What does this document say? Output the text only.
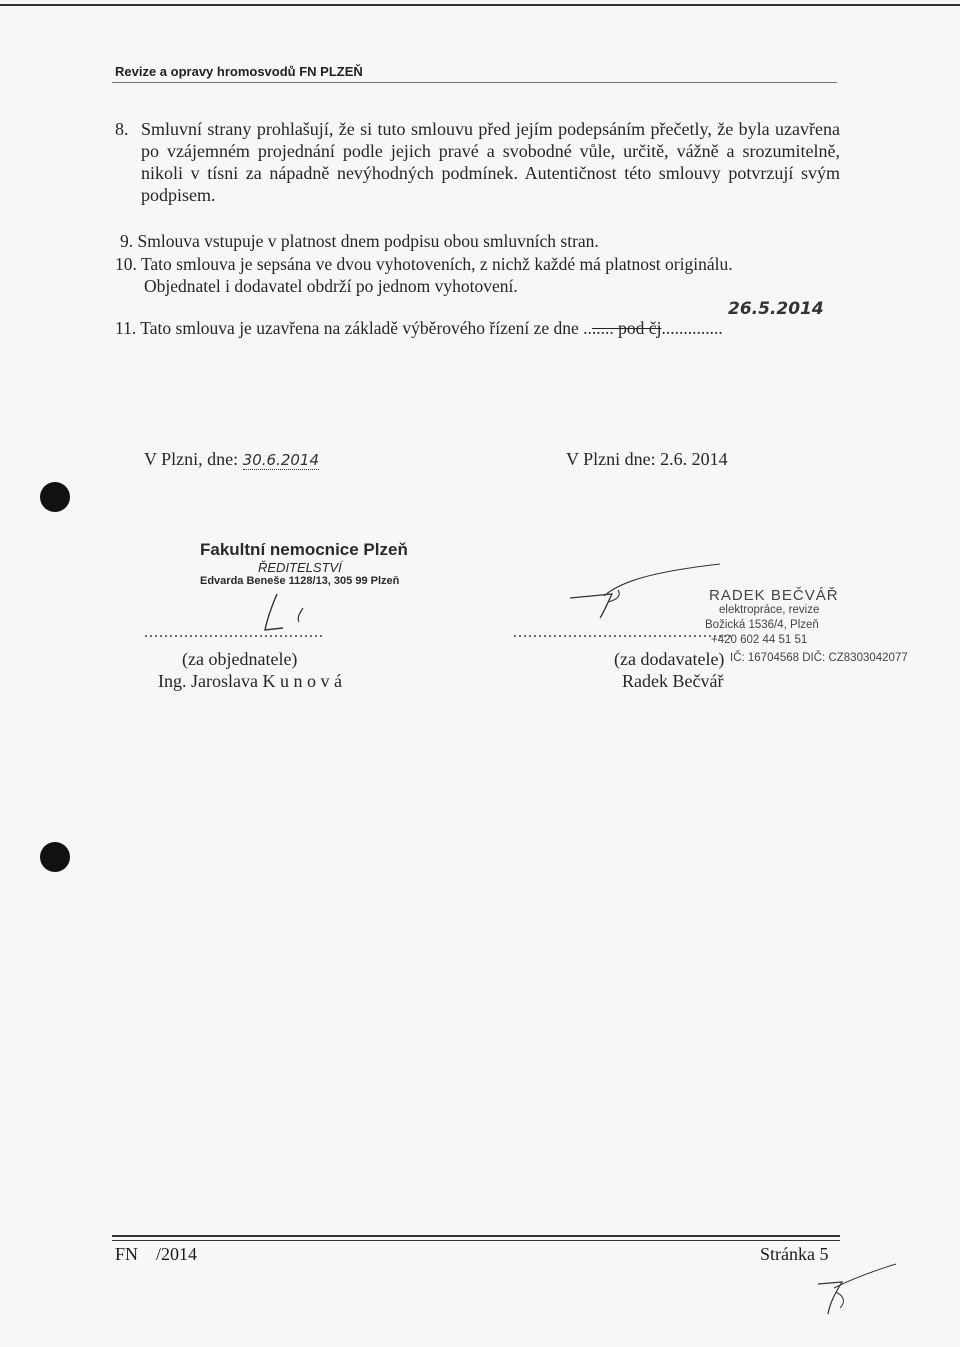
Revize a opravy hromosvodů FN PLZEŇ
8. Smluvní strany prohlašují, že si tuto smlouvu před jejím podepsáním přečetly, že byla uzavřena po vzájemném projednání podle jejich pravé a svobodné vůle, určitě, vážně a srozumitelně, nikoli v tísni za nápadně nevýhodných podmínek. Autentičnost této smlouvy potvrzují svým podpisem.
9. Smlouva vstupuje v platnost dnem podpisu obou smluvních stran.
10. Tato smlouva je sepsána ve dvou vyhotoveních, z nichž každé má platnost originálu.
Objednatel i dodavatel obdrží po jednom vyhotovení.
26.5.2014
11. Tato smlouva je uzavřena na základě výběrového řízení ze dne ....... pod čj..............
V Plzni, dne: 30.6.2014	V Plzni dne: 2.6. 2014
Fakultní nemocnice Plzeň
ŘEDITELSTVÍ
Edvarda Beneše 1128/13, 305 99 Plzeň
....................................
(za objednatele)
Ing. Jaroslava K u n o v á
RADEK BEČVÁŘ
elektropráce, revize
Božická 1536/4, Plzeň
+420 602 44 51 51
............................................
(za dodavatele) IČ: 16704568 DIČ: CZ8303042077
Radek Bečvář
FN    /2014	Stránka 5
